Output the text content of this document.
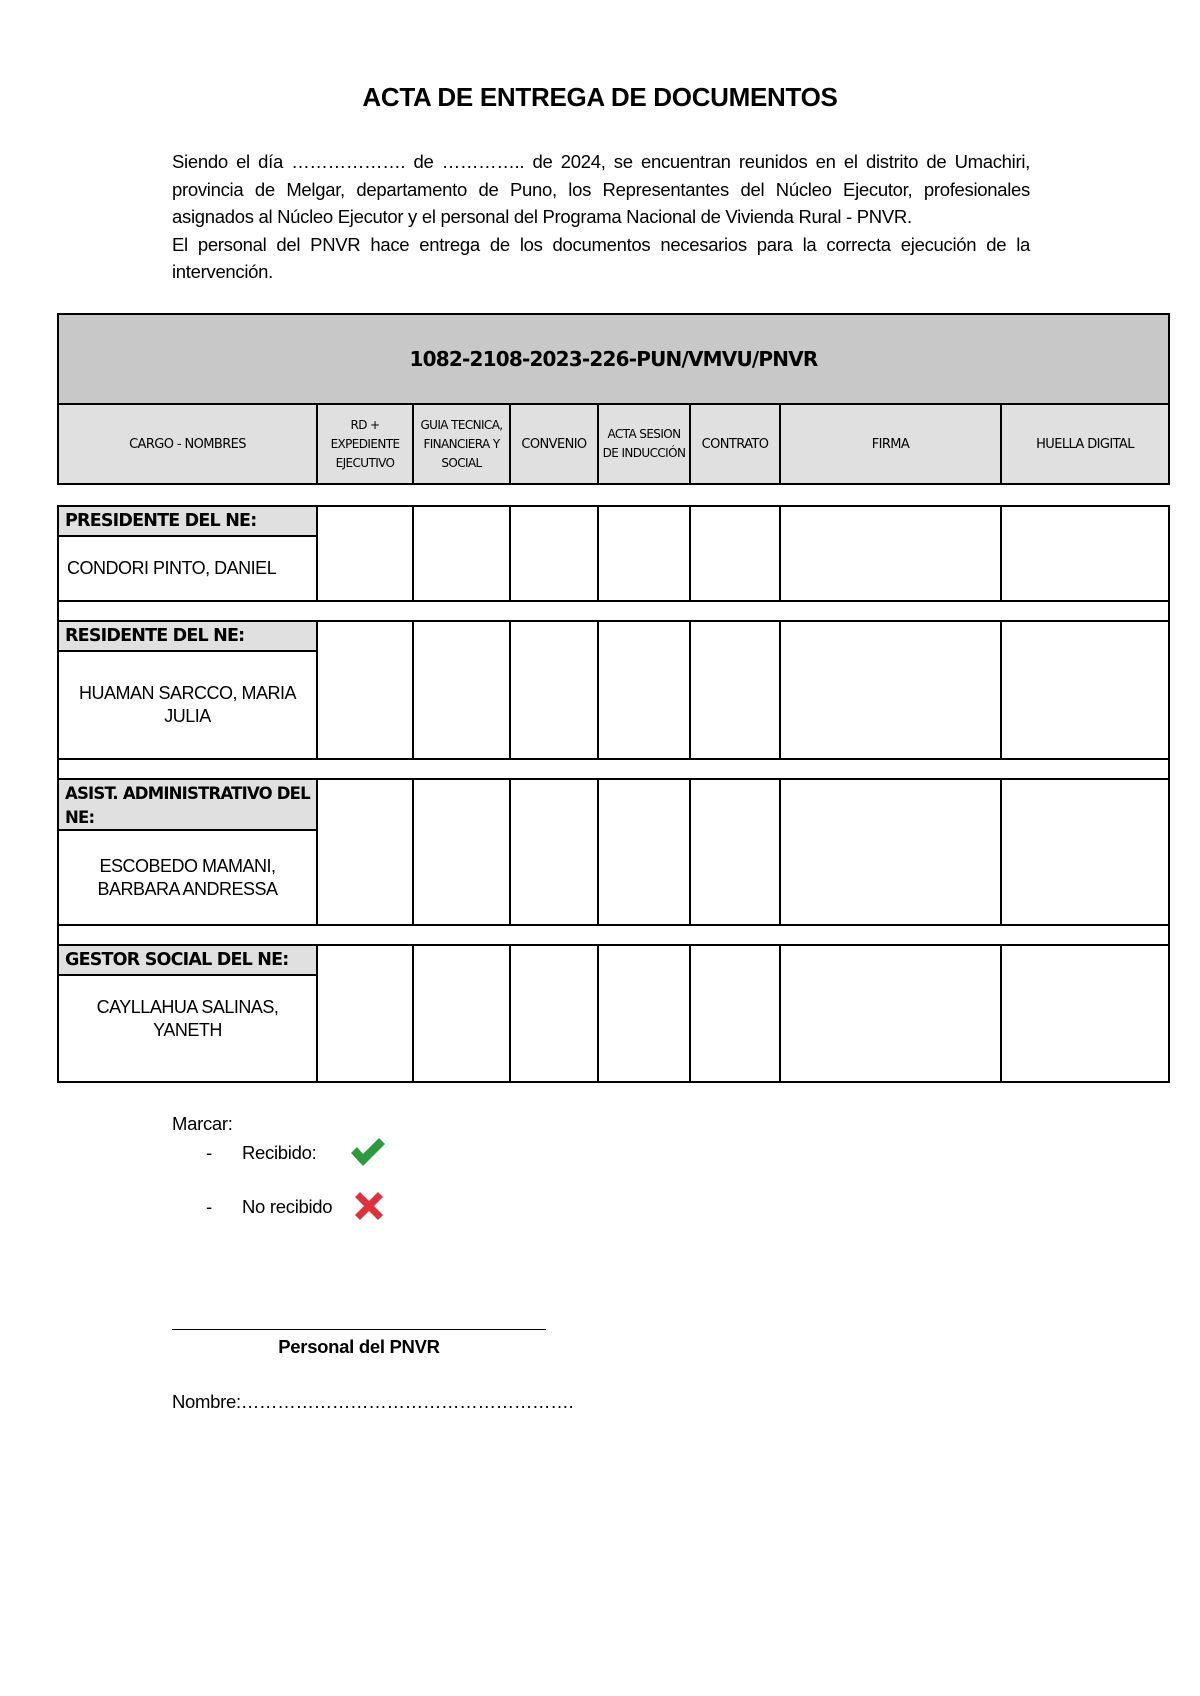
ACTA DE ENTREGA DE DOCUMENTOS

Siendo el día ………………. de ………….. de 2024, se encuentran reunidos en el distrito de Umachiri, provincia de Melgar, departamento de Puno, los Representantes del Núcleo Ejecutor, profesionales asignados al Núcleo Ejecutor y el personal del Programa Nacional de Vivienda Rural - PNVR.

El personal del PNVR hace entrega de los documentos necesarios para la correcta ejecución de la intervención.

1082-2108-2023-226-PUN/VMVU/PNVR
CARGO - NOMBRES
RD + EXPEDIENTE EJECUTIVO
GUIA TECNICA, FINANCIERA Y SOCIAL
CONVENIO
ACTA SESION DE INDUCCIÓN
CONTRATO	FIRMA	HUELLA DIGITAL
PRESIDENTE DEL NE:
CONDORI PINTO, DANIEL
RESIDENTE DEL NE:
HUAMAN SARCCO, MARIA JULIA
ASIST. ADMINISTRATIVO DEL NE:
ESCOBEDO MAMANI, BARBARA ANDRESSA
GESTOR SOCIAL DEL NE:
CAYLLAHUA SALINAS, YANETH
Marcar:
- Recibido:
- No recibido
Personal del PNVR
Nombre:……………………………………………….
